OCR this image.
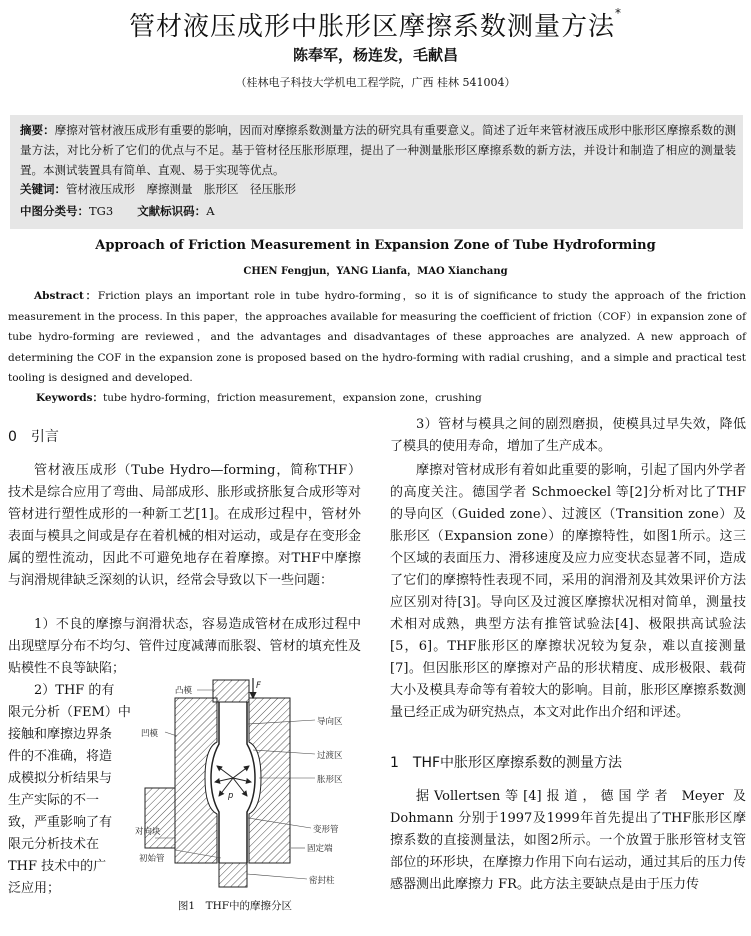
管材液压成形中胀形区摩擦系数测量方法*
陈奉军，杨连发，毛献昌
（桂林电子科技大学机电工程学院，广西 桂林 541004）
摘要：摩擦对管材液压成形有重要的影响，因而对摩擦系数测量方法的研究具有重要意义。简述了近年来管材液压成形中胀形区摩擦系数的测量方法，对比分析了它们的优点与不足。基于管材径压胀形原理，提出了一种测量胀形区摩擦系数的新方法，并设计和制造了相应的测量装置。本测试装置具有简单、直观、易于实现等优点。
关键词：管材液压成形　摩擦测量　胀形区　径压胀形
中图分类号：TG3 文献标识码：A
Approach of Friction Measurement in Expansion Zone of Tube Hydroforming
CHEN Fengjun，YANG Lianfa，MAO Xianchang
Abstract：Friction plays an important role in tube hydro-forming，so it is of significance to study the approach of the friction measurement in the process. In this paper，the approaches available for measuring the coefficient of friction（COF）in expansion zone of tube hydro-forming are reviewed，and the advantages and disadvantages of these approaches are analyzed. A new approach of determining the COF in the expansion zone is proposed based on the hydro-forming with radial crushing，and a simple and practical test tooling is designed and developed.
Keywords：tube hydro-forming，friction measurement，expansion zone，crushing
0　引言
管材液压成形（Tube Hydro—forming，简称THF）技术是综合应用了弯曲、局部成形、胀形或挤胀复合成形等对管材进行塑性成形的一种新工艺[1]。在成形过程中，管材外表面与模具之间或是存在着机械的相对运动，或是存在变形金属的塑性流动，因此不可避免地存在着摩擦。对THF中摩擦与润滑规律缺乏深刻的认识，经常会导致以下一些问题：
1）不良的摩擦与润滑状态，容易造成管材在成形过程中出现壁厚分布不均匀、管件过度减薄而胀裂、管材的填充性及贴模性不良等缺陷；
2）THF 的有
限元分析（FEM）中
接触和摩擦边界条
件的不准确，将造
成模拟分析结果与
生产实际的不一
致，严重影响了有
限元分析技术在
THF 技术中的广
泛应用；
F
p
凸模
凹模
导向区
过渡区
胀形区
变形管
对向块
初始管
固定端
密封柱
图1　THF中的摩擦分区
3）管材与模具之间的剧烈磨损，使模具过早失效，降低了模具的使用寿命，增加了生产成本。
摩擦对管材成形有着如此重要的影响，引起了国内外学者的高度关注。德国学者 Schmoeckel 等[2]分析对比了THF的导向区（Guided zone）、过渡区（Transition zone）及胀形区（Expansion zone）的摩擦特性，如图1所示。这三个区域的表面压力、滑移速度及应力应变状态显著不同，造成了它们的摩擦特性表现不同，采用的润滑剂及其效果评价方法应区别对待[3]。导向区及过渡区摩擦状况相对简单，测量技术相对成熟，典型方法有推管试验法[4]、极限拱高试验法[5，6]。THF胀形区的摩擦状况较为复杂，难以直接测量[7]。但因胀形区的摩擦对产品的形状精度、成形极限、载荷大小及模具寿命等有着较大的影响。目前，胀形区摩擦系数测量已经正成为研究热点，本文对此作出介绍和评述。
1　THF中胀形区摩擦系数的测量方法
据Vollertsen等[4]报道，德国学者 Meyer 及 Dohmann 分别于1997及1999年首先提出了THF胀形区摩擦系数的直接测量法，如图2所示。一个放置于胀形管材支管部位的环形块，在摩擦力作用下向右运动，通过其后的压力传感器测出此摩擦力 FR。此方法主要缺点是由于压力传
